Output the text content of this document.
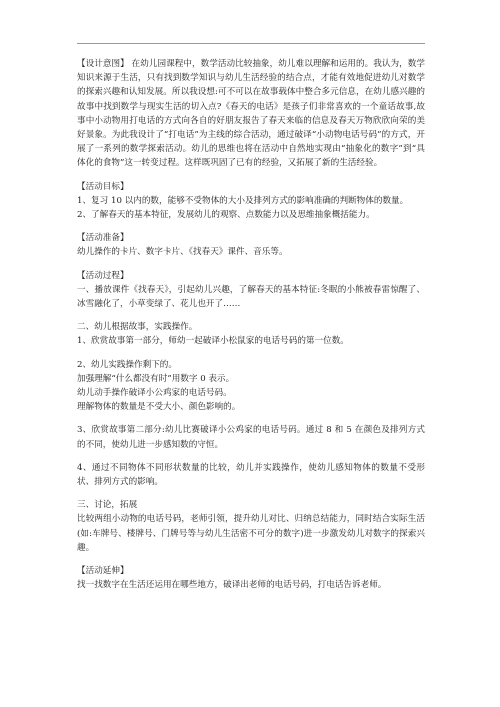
【设计意图】 在幼儿园课程中，数学活动比较抽象，幼儿难以理解和运用的。我认为，数学知识来源于生活，只有找到数学知识与幼儿生活经验的结合点，才能有效地促进幼儿对数学的探索兴趣和认知发展。所以我设想:可不可以在故事载体中整合多元信息，在幼儿感兴趣的故事中找到数学与现实生活的切入点?《春天的电话》是孩子们非常喜欢的一个童话故事,故事中小动物用打电话的方式向各自的好朋友报告了春天来临的信息及春天万物欣欣向荣的美好景象。为此我设计了“打电话”为主线的综合活动，通过破译“小动物电话号码”的方式，开展了一系列的数学探索活动。幼儿的思维也将在活动中自然地实现由“抽象化的数字”到“具体化的食物”这一转变过程。这样既巩固了已有的经验，又拓展了新的生活经验。

【活动目标】

1、复习 10 以内的数，能够不受物体的大小及排列方式的影响准确的判断物体的数量。

2、了解春天的基本特征，发展幼儿的观察、点数能力以及思维抽象概括能力。

【活动准备】

幼儿操作的卡片、数字卡片、《找春天》课件、音乐等。

【活动过程】

一、播放课件《找春天》，引起幼儿兴趣，了解春天的基本特征:冬眠的小熊被春雷惊醒了、冰雪融化了，小草变绿了、花儿也开了……

二、幼儿根据故事，实践操作。

1、欣赏故事第一部分，师幼一起破译小松鼠家的电话号码的第一位数。

2、幼儿实践操作剩下的。

加强理解“什么都没有时”用数字 0 表示。

幼儿动手操作破译小公鸡家的电话号码。

理解物体的数量是不受大小、颜色影响的。

3、欣赏故事第二部分:幼儿比赛破译小公鸡家的电话号码。通过 8 和 5 在颜色及排列方式的不同，使幼儿进一步感知数的守恒。

4、通过不同物体不同形状数量的比较，幼儿并实践操作，使幼儿感知物体的数量不受形状、排列方式的影响。

三、讨论，拓展

比较两组小动物的电话号码，老师引领，提升幼儿对比、归纳总结能力，同时结合实际生活(如:车牌号、楼牌号、门牌号等与幼儿生活密不可分的数字)进一步激发幼儿对数字的探索兴趣。

【活动延伸】

找一找数字在生活还运用在哪些地方，破译出老师的电话号码，打电话告诉老师。
